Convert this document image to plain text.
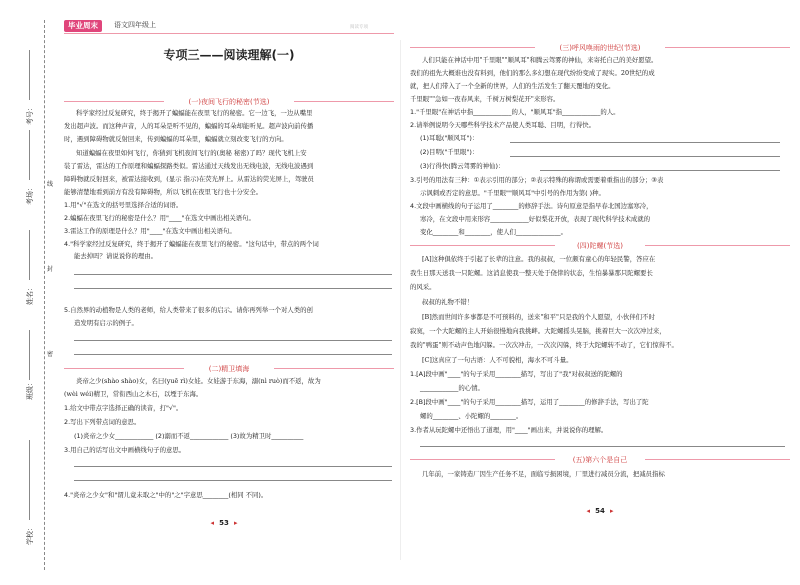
考号：
考场：
姓名：
班级：
学校：
线
封
密
毕业周末	语文四年级上	阅读专项
专项三——阅读理解(一)
(一)夜间飞行的秘密(节选)
科学家经过反复研究，终于揭开了蝙蝠能在夜里飞行的秘密。它一边飞，一边从嘴里
发出超声波。而这种声音，人的耳朵是听不见的，蝙蝠的耳朵却能听见。超声波向前传播
时，遇到障碍物就反射回来，传到蝙蝠的耳朵里，蝙蝠就立刻改变飞行的方向。
知道蝙蝠在夜里如何飞行，你猜到飞机夜间飞行的(奥秘 秘密)了吗？现代飞机上安
装了雷达，雷达的工作原理和蝙蝠探路类似。雷达通过天线发出无线电波，无线电波遇到
障碍物就反射回来，被雷达接收到，(显示 指示)在荧光屏上。从雷达的荧光屏上，驾驶员
能够清楚地看到前方有没有障碍物，所以飞机在夜里飞行也十分安全。
1.用"√"在选文的括号里选择合适的词语。
2.蝙蝠在夜里飞行的秘密是什么？用"____"在选文中画出相关语句。
3.雷达工作的原理是什么？用"____"在选文中画出相关语句。
4."科学家经过反复研究，终于揭开了蝙蝠能在夜里飞行的秘密。"这句话中，带点的两个词
能去掉吗？请说说你的理由。
5.自然界的动植物是人类的老师，给人类带来了很多的启示。请你再列举一个对人类的创
造发明有启示的例子。
(二)精卫填海
炎帝之少(shào shào)女，名曰(yuē rì)女娃。女娃游于东海，溺(nì ruò)而不返，故为
(wèi wéi)精卫，常衔西山之木石，以堙于东海。
1.给文中带点字选择正确的读音，打"√"。
2.写出下列带点词的意思。
(1)炎帝之少女____________ (2)溺而不返____________ (3)故为精卫时__________
3.用自己的话写出文中画横线句子的意思。
4."炎帝之少女"和"谓儿竟未取之"中的"之"字意思________(相同 不同)。
◂ 53 ▸
(三)呼风唤雨的世纪(节选)
人们只能在神话中用"千里眼""顺风耳"和腾云驾雾的神仙，来寄托自己的美好愿望。
我们的祖先大概谁也没有料到，他们的那么多幻想在现代纷纷变成了现实。20世纪的成
就，把人们带入了一个全新的世界，人们的生活发生了翻天覆地的变化。
千里眼""急如一夜春风来，千树万树梨花开"来形容。
1."千里眼"在神话中指____________的人，"顺风耳"指____________的人。
2.请举例说明今天哪些科学技术产品使人类耳聪、目明，行得快。
(1)耳聪("顺风耳")：
(2)目明("千里眼")：
(3)行得快(腾云驾雾的神仙)：
3.引号的用法有三种：①表示引用的部分；②表示特殊的称谓或需要着重指出的部分；③表
示讽刺或否定的意思。"千里眼""顺风耳"中引号的作用为第( )种。
4.文段中画横线的句子运用了________的修辞手法。诗句原意是指早春北国边塞寒冷，
寒冷，在文段中用来形容____________好似梨花开放，表现了现代科学技术成就的
变化________和________，使人们______________。
(四)陀螺(节选)
[A]这种俱依终于引起了长辈的注意。我的叔叔，一位颇有童心的年轻民警，答应在
我生日那天送我一只陀螺。这消息使我一整天处于侥倖的状态，生怕暴暴那只陀螺要长
的风采。
叔叔的礼物不错！
[B]然而世间许多事都是不可预料的，送来"和平"只是我的个人愿望，小伙伴们不时
寂寞，一个大陀螺的主人开始很慢地向我挑衅。大陀螺摇头晃脑，挑着巨大一次次冲过来，
我的"鸭蛋"则不动声色地闪躲。一次次冲击，一次次闪躲，终于大陀螺转不动了，它们惊得不。
[C]这真应了一句古语：人不可貌相，海水不可斗量。
1.[A]段中画"____"的句子采用________描写，写出了"我"对叔叔送的陀螺的
____________的心情。
2.[B]段中画"____"的句子采用________描写，运用了________的修辞手法，写出了陀
螺的________、小陀螺的________。
3.作者从玩陀螺中还悟出了道理，用"____"画出来，并说说你的理解。
(五)第六个是自己
几年前，一家铸造厂因生产任务不足，面临亏损困境，厂里进行减员分流，把减员指标
◂ 54 ▸
